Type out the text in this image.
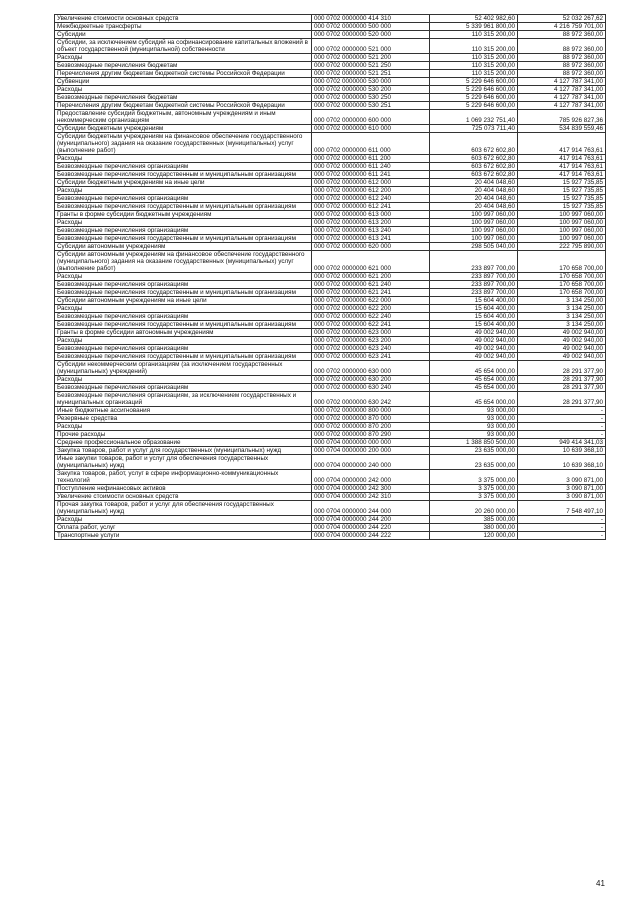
Увеличение стоимости основных средств	000 0702 0000000 414 310	52 402 982,60	52 032 267,62
Межбюджетные трансферты	000 0702 0000000 500 000	5 339 961 800,00	4 216 759 701,00
Субсидии	000 0702 0000000 520 000	110 315 200,00	88 972 360,00
Субсидии, за исключением субсидий на софинансирование капитальных вложений в объект государственной (муниципальной) собственности	000 0702 0000000 521 000	110 315 200,00	88 972 360,00
Расходы	000 0702 0000000 521 200	110 315 200,00	88 972 360,00
Безвозмездные перечисления бюджетам	000 0702 0000000 521 250	110 315 200,00	88 972 360,00
Перечисления другим бюджетам бюджетной системы Российской Федерации	000 0702 0000000 521 251	110 315 200,00	88 972 360,00
Субвенции	000 0702 0000000 530 000	5 229 646 600,00	4 127 787 341,00
Расходы	000 0702 0000000 530 200	5 229 646 600,00	4 127 787 341,00
Безвозмездные перечисления бюджетам	000 0702 0000000 530 250	5 229 646 600,00	4 127 787 341,00
Перечисления другим бюджетам бюджетной системы Российской Федерации	000 0702 0000000 530 251	5 229 646 600,00	4 127 787 341,00
Предоставление субсидий бюджетным, автономным учреждениям и иным некоммерческим организациям	000 0702 0000000 600 000	1 069 232 751,40	785 926 827,36
Субсидии бюджетным учреждениям	000 0702 0000000 610 000	725 073 711,40	534 839 559,46
Субсидии бюджетным учреждениям на финансовое обеспечение государственного (муниципального) задания на оказание государственных (муниципальных) услуг (выполнение работ)	000 0702 0000000 611 000	603 672 602,80	417 914 763,61
Расходы	000 0702 0000000 611 200	603 672 602,80	417 914 763,61
Безвозмездные перечисления организациям	000 0702 0000000 611 240	603 672 602,80	417 914 763,61
Безвозмездные перечисления государственным и муниципальным организациям	000 0702 0000000 611 241	603 672 602,80	417 914 763,61
Субсидии бюджетным учреждениям на иные цели	000 0702 0000000 612 000	20 404 048,60	15 927 735,85
Расходы	000 0702 0000000 612 200	20 404 048,60	15 927 735,85
Безвозмездные перечисления организациям	000 0702 0000000 612 240	20 404 048,60	15 927 735,85
Безвозмездные перечисления государственным и муниципальным организациям	000 0702 0000000 612 241	20 404 048,60	15 927 735,85
Гранты в форме субсидии бюджетным учреждениям	000 0702 0000000 613 000	100 997 060,00	100 997 060,00
Расходы	000 0702 0000000 613 200	100 997 060,00	100 997 060,00
Безвозмездные перечисления организациям	000 0702 0000000 613 240	100 997 060,00	100 997 060,00
Безвозмездные перечисления государственным и муниципальным организациям	000 0702 0000000 613 241	100 997 060,00	100 997 060,00
Субсидии автономным учреждениям	000 0702 0000000 620 000	298 505 040,00	222 795 890,00
Субсидии автономным учреждениям на финансовое обеспечение государственного (муниципального) задания на оказание государственных (муниципальных) услуг (выполнение работ)	000 0702 0000000 621 000	233 897 700,00	170 658 700,00
Расходы	000 0702 0000000 621 200	233 897 700,00	170 658 700,00
Безвозмездные перечисления организациям	000 0702 0000000 621 240	233 897 700,00	170 658 700,00
Безвозмездные перечисления государственным и муниципальным организациям	000 0702 0000000 621 241	233 897 700,00	170 658 700,00
Субсидии автономным учреждениям на иные цели	000 0702 0000000 622 000	15 604 400,00	3 134 250,00
Расходы	000 0702 0000000 622 200	15 604 400,00	3 134 250,00
Безвозмездные перечисления организациям	000 0702 0000000 622 240	15 604 400,00	3 134 250,00
Безвозмездные перечисления государственным и муниципальным организациям	000 0702 0000000 622 241	15 604 400,00	3 134 250,00
Гранты в форме субсидии автономным учреждениям	000 0702 0000000 623 000	49 002 940,00	49 002 940,00
Расходы	000 0702 0000000 623 200	49 002 940,00	49 002 940,00
Безвозмездные перечисления организациям	000 0702 0000000 623 240	49 002 940,00	49 002 940,00
Безвозмездные перечисления государственным и муниципальным организациям	000 0702 0000000 623 241	49 002 940,00	49 002 940,00
Субсидии некоммерческим организациям (за исключением государственных (муниципальных) учреждений)	000 0702 0000000 630 000	45 654 000,00	28 291 377,90
Расходы	000 0702 0000000 630 200	45 654 000,00	28 291 377,90
Безвозмездные перечисления организациям	000 0702 0000000 630 240	45 654 000,00	28 291 377,90
Безвозмездные перечисления организациям, за исключением государственных и муниципальных организаций	000 0702 0000000 630 242	45 654 000,00	28 291 377,90
Иные бюджетные ассигнования	000 0702 0000000 800 000	93 000,00	-
Резервные средства	000 0702 0000000 870 000	93 000,00	-
Расходы	000 0702 0000000 870 200	93 000,00	-
Прочие расходы	000 0702 0000000 870 290	93 000,00	-
Среднее профессиональное образование	000 0704 0000000 000 000	1 388 850 500,00	949 414 341,03
Закупка товаров, работ и услуг для государственных (муниципальных) нужд	000 0704 0000000 200 000	23 635 000,00	10 639 368,10
Иные закупки товаров, работ и услуг для обеспечения государственных (муниципальных) нужд	000 0704 0000000 240 000	23 635 000,00	10 639 368,10
Закупка товаров, работ, услуг в сфере информационно-коммуникационных технологий	000 0704 0000000 242 000	3 375 000,00	3 090 871,00
Поступление нефинансовых активов	000 0704 0000000 242 300	3 375 000,00	3 090 871,00
Увеличение стоимости основных средств	000 0704 0000000 242 310	3 375 000,00	3 090 871,00
Прочая закупка товаров, работ и услуг для обеспечения государственных (муниципальных) нужд	000 0704 0000000 244 000	20 260 000,00	7 548 497,10
Расходы	000 0704 0000000 244 200	385 000,00	-
Оплата работ, услуг	000 0704 0000000 244 220	380 000,00	-
Транспортные услуги	000 0704 0000000 244 222	120 000,00	-
41
